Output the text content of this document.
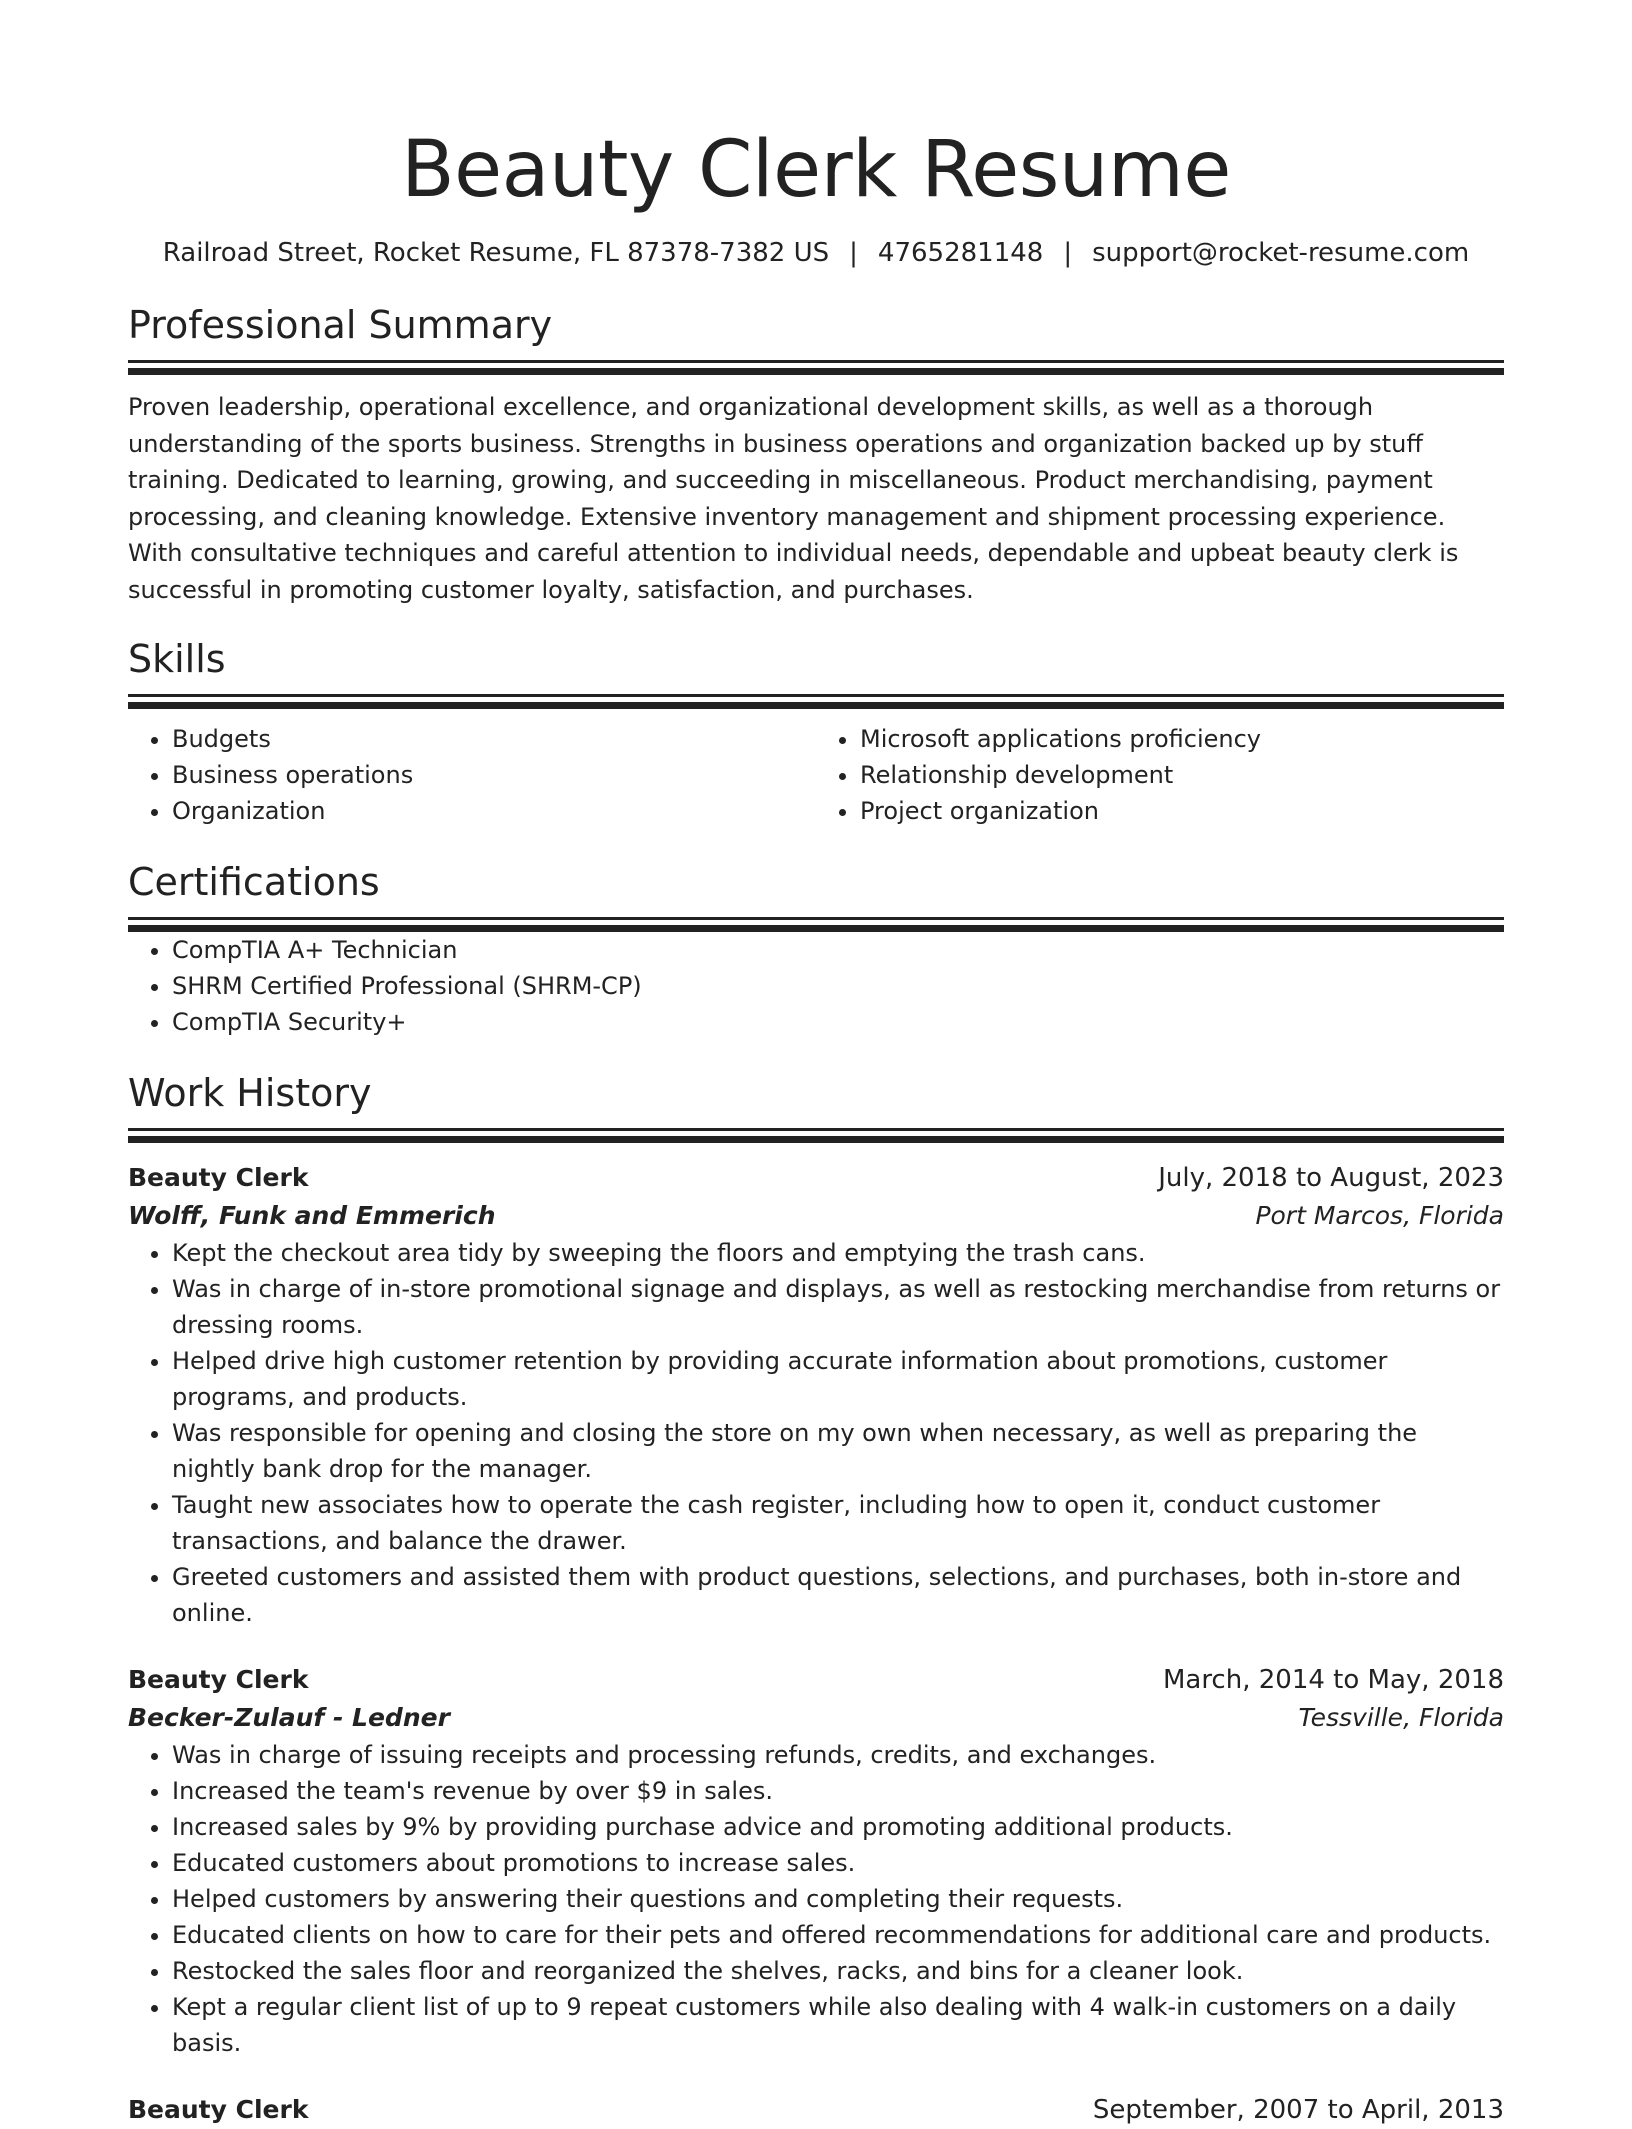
Beauty Clerk Resume
Railroad Street, Rocket Resume, FL 87378-7382 US | 4765281148 | support@rocket-resume.com
Professional Summary

Proven leadership, operational excellence, and organizational development skills, as well as a thorough understanding of the sports business. Strengths in business operations and organization backed up by stuff training. Dedicated to learning, growing, and succeeding in miscellaneous. Product merchandising, payment processing, and cleaning knowledge. Extensive inventory management and shipment processing experience. With consultative techniques and careful attention to individual needs, dependable and upbeat beauty clerk is successful in promoting customer loyalty, satisfaction, and purchases.

Skills
• Budgets
• Business operations
• Organization
• Microsoft applications proficiency
• Relationship development
• Project organization
Certifications
• CompTIA A+ Technician
• SHRM Certified Professional (SHRM-CP)
• CompTIA Security+
Work History
Beauty Clerk	July, 2018 to August, 2023
Wolff, Funk and Emmerich	Port Marcos, Florida
• Kept the checkout area tidy by sweeping the floors and emptying the trash cans.
• Was in charge of in-store promotional signage and displays, as well as restocking merchandise from returns or dressing rooms.
• Helped drive high customer retention by providing accurate information about promotions, customer programs, and products.
• Was responsible for opening and closing the store on my own when necessary, as well as preparing the nightly bank drop for the manager.
• Taught new associates how to operate the cash register, including how to open it, conduct customer transactions, and balance the drawer.
• Greeted customers and assisted them with product questions, selections, and purchases, both in-store and online.
Beauty Clerk	March, 2014 to May, 2018
Becker-Zulauf - Ledner	Tessville, Florida
• Was in charge of issuing receipts and processing refunds, credits, and exchanges.
• Increased the team's revenue by over $9 in sales.
• Increased sales by 9% by providing purchase advice and promoting additional products.
• Educated customers about promotions to increase sales.
• Helped customers by answering their questions and completing their requests.
• Educated clients on how to care for their pets and offered recommendations for additional care and products.
• Restocked the sales floor and reorganized the shelves, racks, and bins for a cleaner look.
• Kept a regular client list of up to 9 repeat customers while also dealing with 4 walk-in customers on a daily basis.
Beauty Clerk	September, 2007 to April, 2013
